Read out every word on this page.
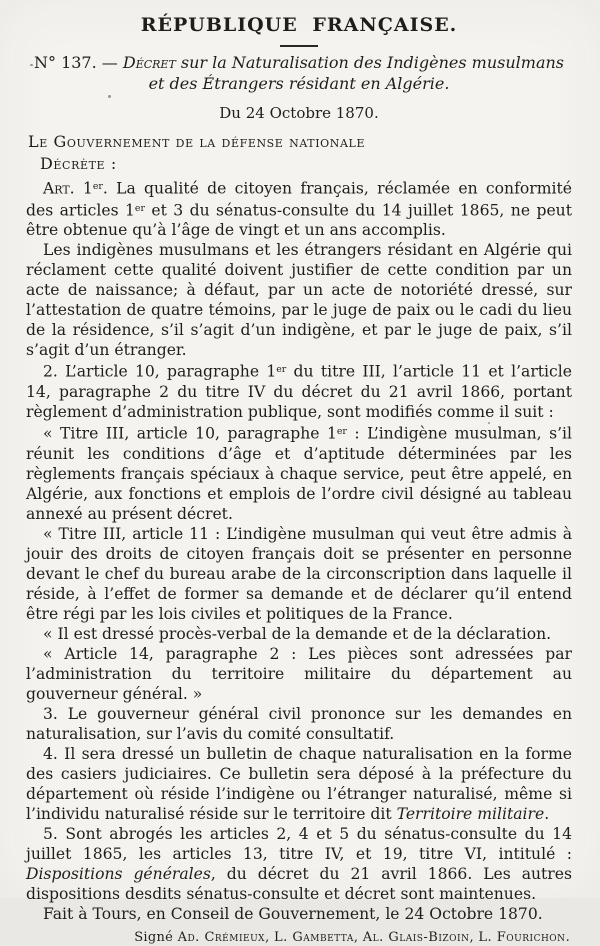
RÉPUBLIQUE FRANÇAISE.

N° 137. — Décret sur la Naturalisation des Indigènes musulmans

et des Étrangers résidant en Algérie.

Du 24 Octobre 1870.

Le Gouvernement de la défense nationale

Décrète :

Art. 1er. La qualité de citoyen français, réclamée en conformité des articles 1er et 3 du sénatus-consulte du 14 juillet 1865, ne peut être obtenue qu’à l’âge de vingt et un ans accomplis.

Les indigènes musulmans et les étrangers résidant en Algérie qui réclament cette qualité doivent justifier de cette condition par un acte de naissance; à défaut, par un acte de notoriété dressé, sur l’attestation de quatre témoins, par le juge de paix ou le cadi du lieu de la résidence, s’il s’agit d’un indigène, et par le juge de paix, s’il s’agit d’un étranger.

2. L’article 10, paragraphe 1er du titre III, l’article 11 et l’article 14, paragraphe 2 du titre IV du décret du 21 avril 1866, portant règlement d’administration publique, sont modifiés comme il suit :

« Titre III, article 10, paragraphe 1er : L’indigène musulman, s’il réunit les conditions d’âge et d’aptitude déterminées par les règlements français spéciaux à chaque service, peut être appelé, en Algérie, aux fonctions et emplois de l’ordre civil désigné au tableau annexé au présent décret.

« Titre III, article 11 : L’indigène musulman qui veut être admis à jouir des droits de citoyen français doit se présenter en personne devant le chef du bureau arabe de la circonscription dans laquelle il réside, à l’effet de former sa demande et de déclarer qu’il entend être régi par les lois civiles et politiques de la France.

« Il est dressé procès-verbal de la demande et de la déclaration.

« Article 14, paragraphe 2 : Les pièces sont adressées par l’administration du territoire militaire du département au gouverneur général. »

3. Le gouverneur général civil prononce sur les demandes en naturalisation, sur l’avis du comité consultatif.

4. Il sera dressé un bulletin de chaque naturalisation en la forme des casiers judiciaires. Ce bulletin sera déposé à la préfecture du département où réside l’indigène ou l’étranger naturalisé, même si l’individu naturalisé réside sur le territoire dit Territoire militaire.

5. Sont abrogés les articles 2, 4 et 5 du sénatus-consulte du 14 juillet 1865, les articles 13, titre IV, et 19, titre VI, intitulé : Dispositions générales, du décret du 21 avril 1866. Les autres dispositions desdits sénatus-consulte et décret sont maintenues.

Fait à Tours, en Conseil de Gouvernement, le 24 Octobre 1870.

Signé Ad. Crémieux, L. Gambetta, Al. Glais-Bizoin, L. Fourichon.
